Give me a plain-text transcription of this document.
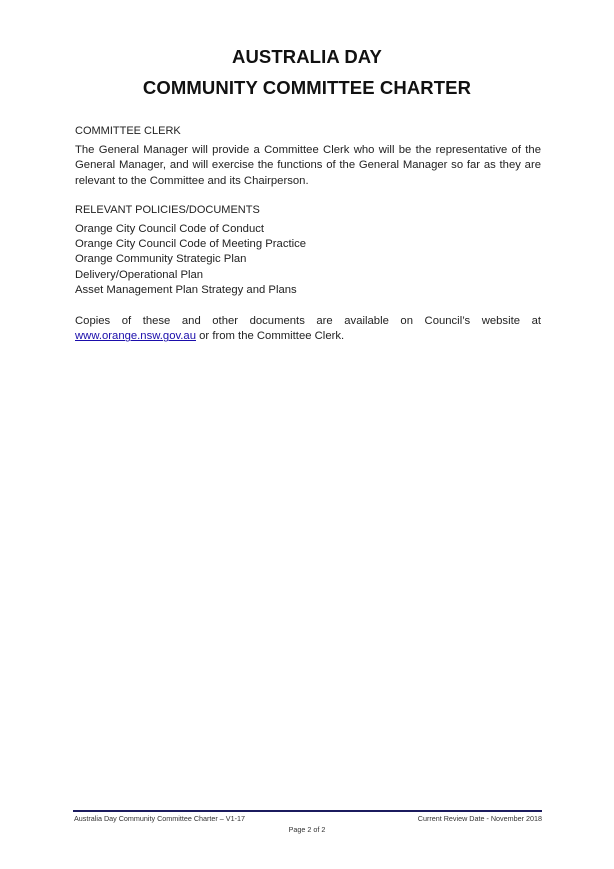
AUSTRALIA DAY
COMMUNITY COMMITTEE CHARTER
COMMITTEE CLERK
The General Manager will provide a Committee Clerk who will be the representative of the General Manager, and will exercise the functions of the General Manager so far as they are relevant to the Committee and its Chairperson.
RELEVANT POLICIES/DOCUMENTS
Orange City Council Code of Conduct
Orange City Council Code of Meeting Practice
Orange Community Strategic Plan
Delivery/Operational Plan
Asset Management Plan Strategy and Plans
Copies of these and other documents are available on Council’s website at www.orange.nsw.gov.au or from the Committee Clerk.
Australia Day Community Committee Charter – V1-17	Current Review Date - November 2018
Page 2 of 2
